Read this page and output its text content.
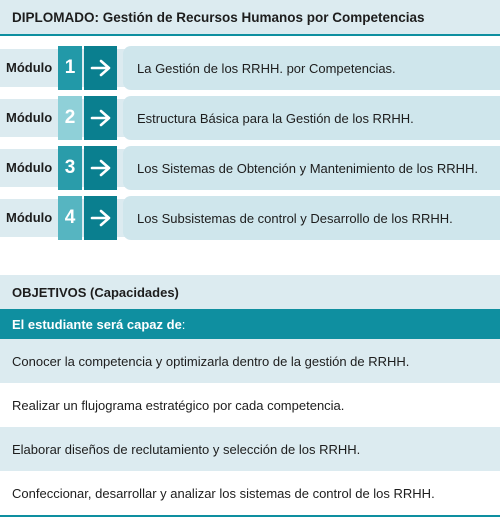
DIPLOMADO: Gestión de Recursos Humanos por Competencias
Módulo 1	La Gestión de los RRHH. por Competencias.
Módulo 2	Estructura Básica para la Gestión de los RRHH.
Módulo 3	Los Sistemas de Obtención y Mantenimiento de los RRHH.
Módulo 4	Los Subsistemas de control y Desarrollo de los RRHH.
OBJETIVOS (Capacidades)
El estudiante será capaz de :
Conocer la competencia y optimizarla dentro de la gestión de RRHH.
Realizar un flujograma estratégico por cada competencia.
Elaborar diseños de reclutamiento y selección de los RRHH.
Confeccionar, desarrollar y analizar los sistemas de control de los RRHH.
